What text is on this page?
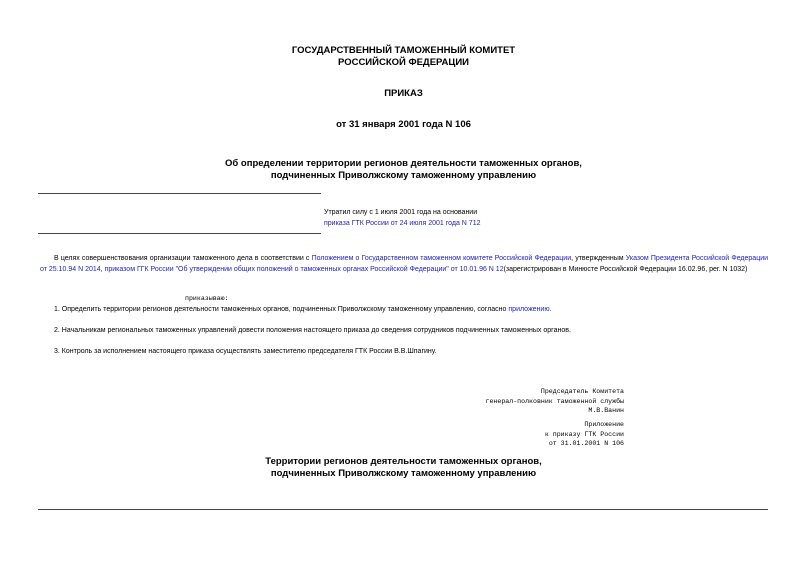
ГОСУДАРСТВЕННЫЙ ТАМОЖЕННЫЙ КОМИТЕТ
РОССИЙСКОЙ ФЕДЕРАЦИИ
ПРИКАЗ
от 31 января 2001 года N 106
Об определении территории регионов деятельности таможенных органов,
подчиненных Приволжскому таможенному управлению
Утратил силу с 1 июля 2001 года на основании
приказа ГТК России от 24 июля 2001 года N 712
В целях совершенствования организации таможенного дела в соответствии с Положением о Государственном таможенном комитете Российской Федерации, утвержденным Указом Президента Российской Федерации от 25.10.94 N 2014, приказом ГГК России "Об утверждении общих положений о таможенных органах Российской Федерации" от 10.01.96 N 12(зарегистрирован в Минюсте Российской Федерации 16.02.96, рег. N 1032)
приказываю:
1. Определить территории регионов деятельности таможенных органов, подчиненных Приволжскому таможенному управлению, согласно приложению.
2. Начальникам региональных таможенных управлений довести положения настоящего приказа до сведения сотрудников подчиненных таможенных органов.
3. Контроль за исполнением настоящего приказа осуществлять заместителю председателя ГТК России В.В.Шпагину.
Председатель Комитета
генерал-полковник таможенной службы
М.В.Ванин
Приложение
к приказу ГТК России
от 31.01.2001 N 106
Территории регионов деятельности таможенных органов,
подчиненных Приволжскому таможенному управлению
